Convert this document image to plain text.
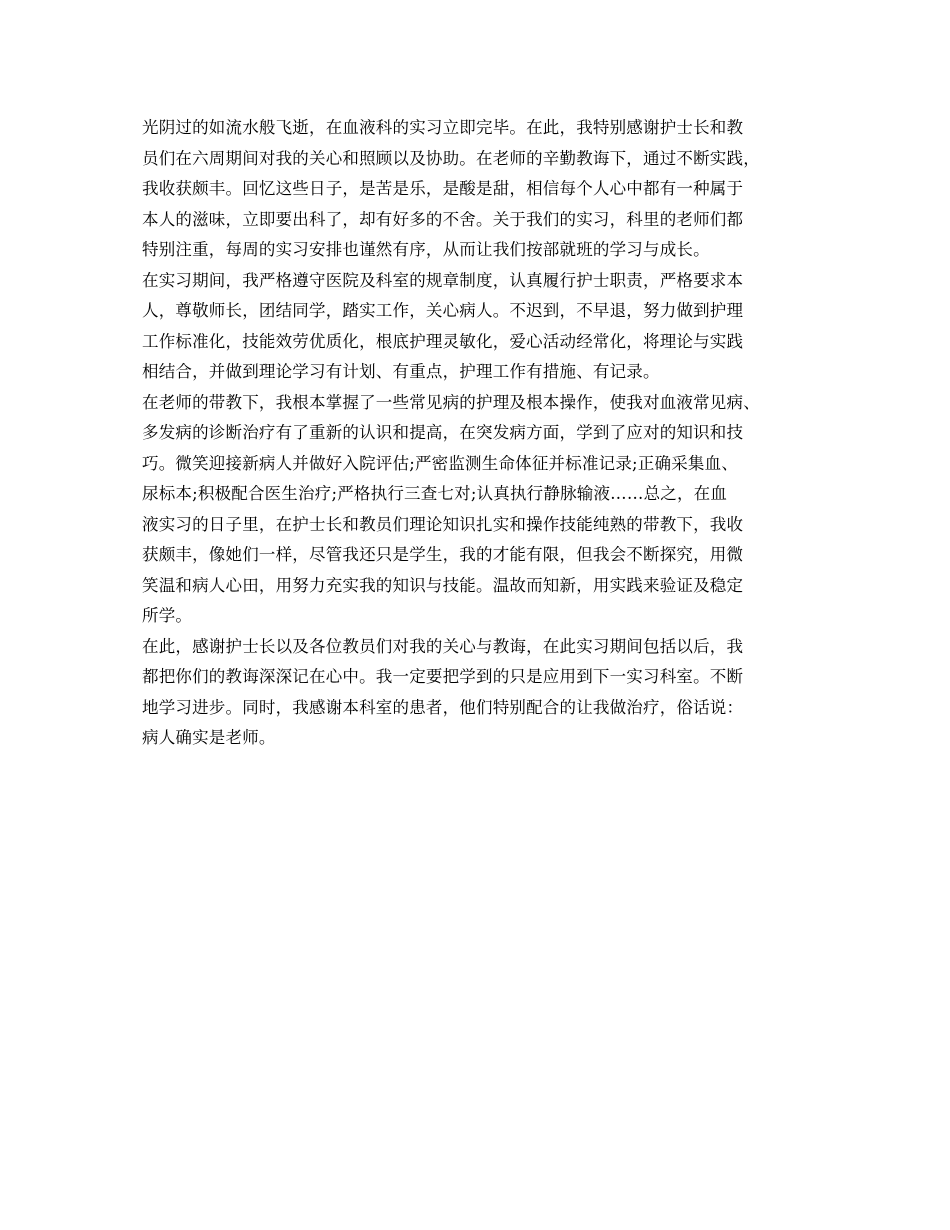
光阴过的如流水般飞逝，在血液科的实习立即完毕。在此，我特别感谢护士长和教
员们在六周期间对我的关心和照顾以及协助。在老师的辛勤教诲下，通过不断实践，
我收获颇丰。回忆这些日子，是苦是乐，是酸是甜，相信每个人心中都有一种属于
本人的滋味，立即要出科了，却有好多的不舍。关于我们的实习，科里的老师们都
特别注重，每周的实习安排也谨然有序，从而让我们按部就班的学习与成长。
在实习期间，我严格遵守医院及科室的规章制度，认真履行护士职责，严格要求本
人，尊敬师长，团结同学，踏实工作，关心病人。不迟到，不早退，努力做到护理
工作标准化，技能效劳优质化，根底护理灵敏化，爱心活动经常化，将理论与实践
相结合，并做到理论学习有计划、有重点，护理工作有措施、有记录。
在老师的带教下，我根本掌握了一些常见病的护理及根本操作，使我对血液常见病、
多发病的诊断治疗有了重新的认识和提高，在突发病方面，学到了应对的知识和技
巧。微笑迎接新病人并做好入院评估;严密监测生命体征并标准记录;正确采集血、
尿标本;积极配合医生治疗;严格执行三查七对;认真执行静脉输液……总之，在血
液实习的日子里，在护士长和教员们理论知识扎实和操作技能纯熟的带教下，我收
获颇丰，像她们一样，尽管我还只是学生，我的才能有限，但我会不断探究，用微
笑温和病人心田，用努力充实我的知识与技能。温故而知新，用实践来验证及稳定
所学。
在此，感谢护士长以及各位教员们对我的关心与教诲，在此实习期间包括以后，我
都把你们的教诲深深记在心中。我一定要把学到的只是应用到下一实习科室。不断
地学习进步。同时，我感谢本科室的患者，他们特别配合的让我做治疗，俗话说：
病人确实是老师。
